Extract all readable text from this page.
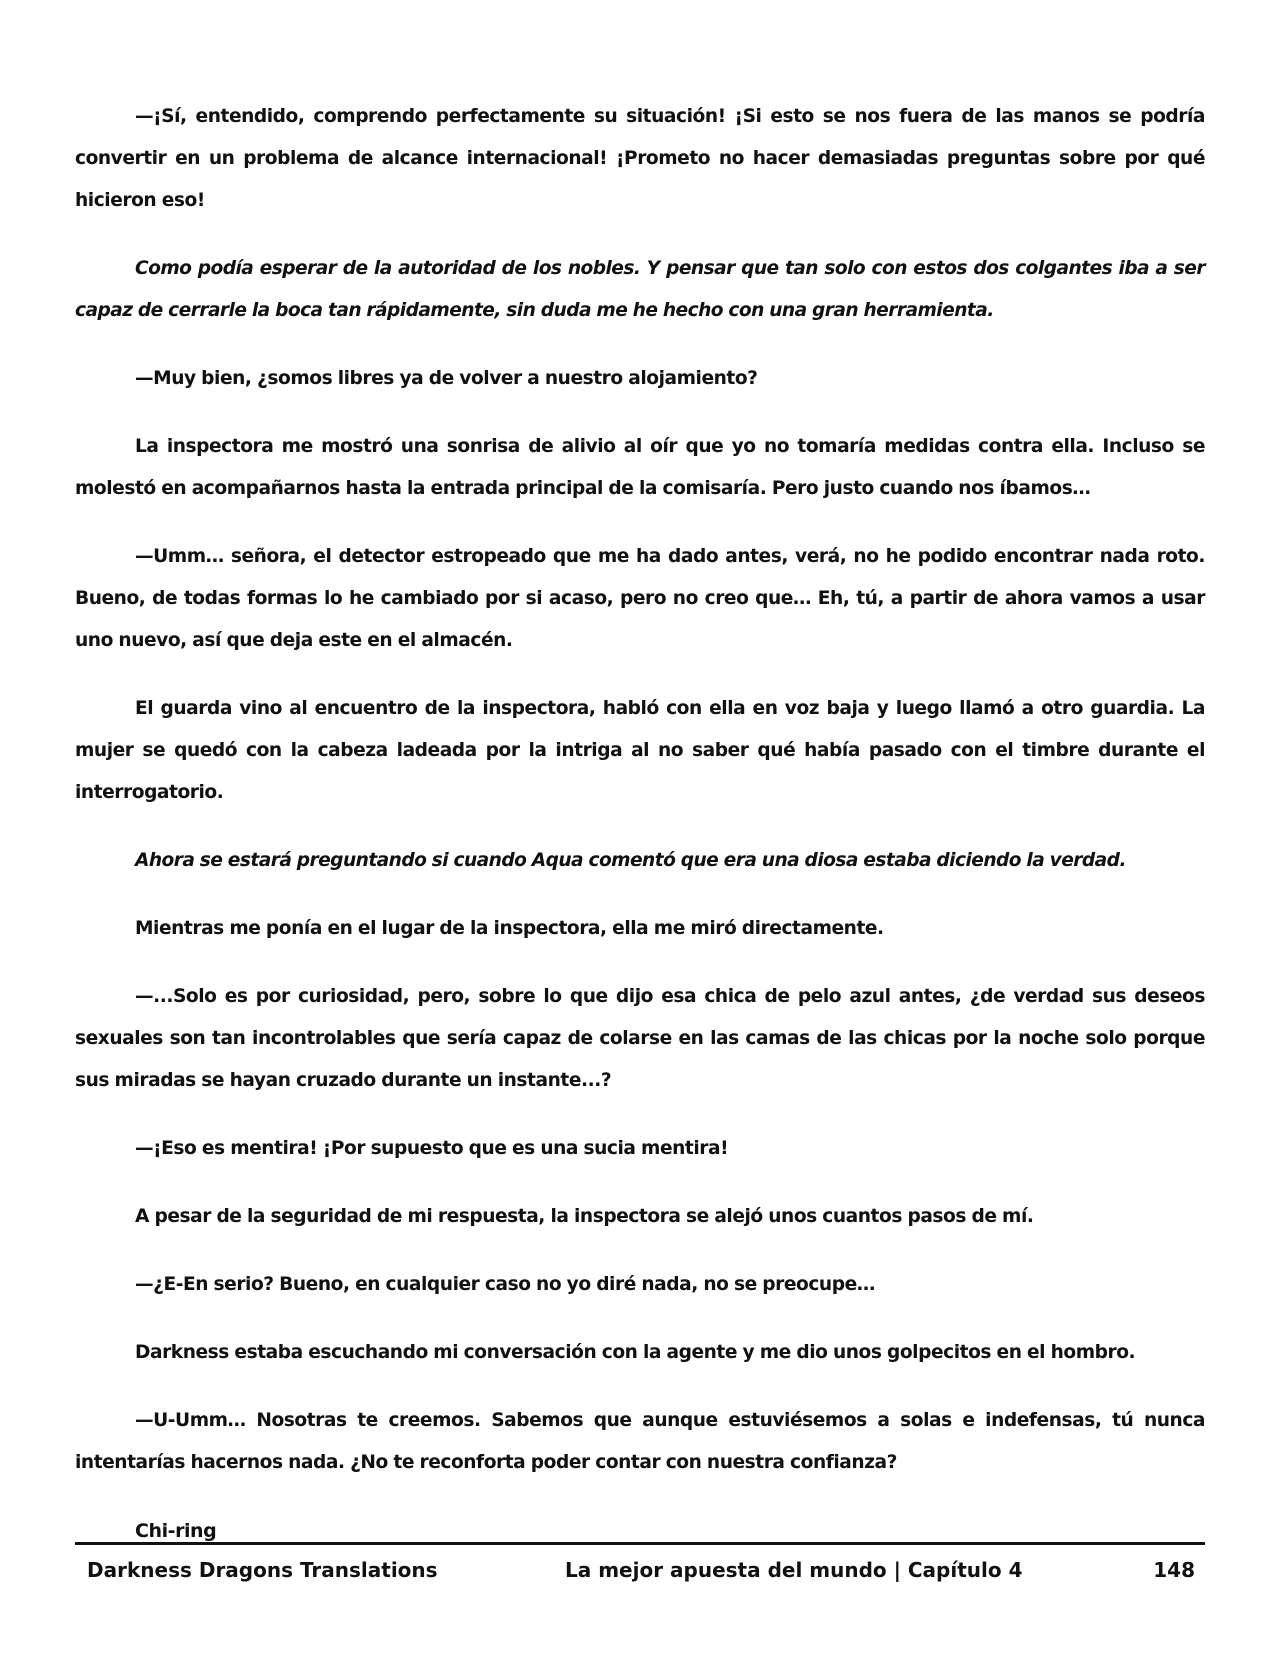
—¡Sí, entendido, comprendo perfectamente su situación! ¡Si esto se nos fuera de las manos se podría convertir en un problema de alcance internacional! ¡Prometo no hacer demasiadas preguntas sobre por qué hicieron eso!

Como podía esperar de la autoridad de los nobles. Y pensar que tan solo con estos dos colgantes iba a ser capaz de cerrarle la boca tan rápidamente, sin duda me he hecho con una gran herramienta.

—Muy bien, ¿somos libres ya de volver a nuestro alojamiento?

La inspectora me mostró una sonrisa de alivio al oír que yo no tomaría medidas contra ella. Incluso se molestó en acompañarnos hasta la entrada principal de la comisaría. Pero justo cuando nos íbamos…

—Umm… señora, el detector estropeado que me ha dado antes, verá, no he podido encontrar nada roto. Bueno, de todas formas lo he cambiado por si acaso, pero no creo que… Eh, tú, a partir de ahora vamos a usar uno nuevo, así que deja este en el almacén.

El guarda vino al encuentro de la inspectora, habló con ella en voz baja y luego llamó a otro guardia. La mujer se quedó con la cabeza ladeada por la intriga al no saber qué había pasado con el timbre durante el interrogatorio.

Ahora se estará preguntando si cuando Aqua comentó que era una diosa estaba diciendo la verdad.

Mientras me ponía en el lugar de la inspectora, ella me miró directamente.

—...Solo es por curiosidad, pero, sobre lo que dijo esa chica de pelo azul antes, ¿de verdad sus deseos sexuales son tan incontrolables que sería capaz de colarse en las camas de las chicas por la noche solo porque sus miradas se hayan cruzado durante un instante...?

—¡Eso es mentira! ¡Por supuesto que es una sucia mentira!

A pesar de la seguridad de mi respuesta, la inspectora se alejó unos cuantos pasos de mí.

—¿E-En serio? Bueno, en cualquier caso no yo diré nada, no se preocupe…

Darkness estaba escuchando mi conversación con la agente y me dio unos golpecitos en el hombro.

—U-Umm… Nosotras te creemos. Sabemos que aunque estuviésemos a solas e indefensas, tú nunca intentarías hacernos nada. ¿No te reconforta poder contar con nuestra confianza?

Chi-ring

Darkness Dragons Translations	La mejor apuesta del mundo | Capítulo 4	148
